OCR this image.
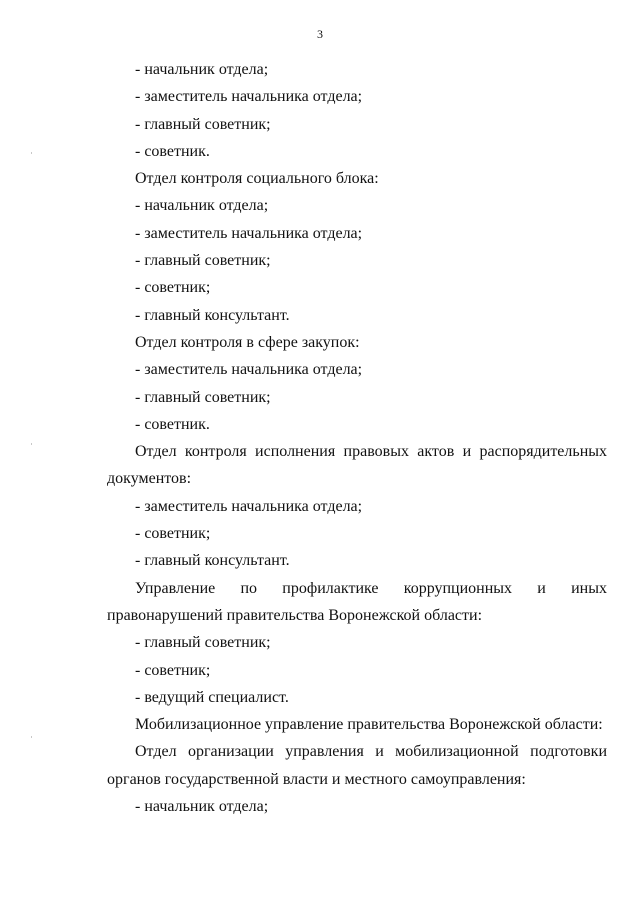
3
- начальник отдела;
- заместитель начальника отдела;
- главный советник;
- советник.
Отдел контроля социального блока:
- начальник отдела;
- заместитель начальника отдела;
- главный советник;
- советник;
- главный консультант.
Отдел контроля в сфере закупок:
- заместитель начальника отдела;
- главный советник;
- советник.
Отдел контроля исполнения правовых актов и распорядительных
документов:
- заместитель начальника отдела;
- советник;
- главный консультант.
Управление по профилактике коррупционных и иных
правонарушений правительства Воронежской области:
- главный советник;
- советник;
- ведущий специалист.
Мобилизационное управление правительства Воронежской области:
Отдел организации управления и мобилизационной подготовки
органов государственной власти и местного самоуправления:
- начальник отдела;
